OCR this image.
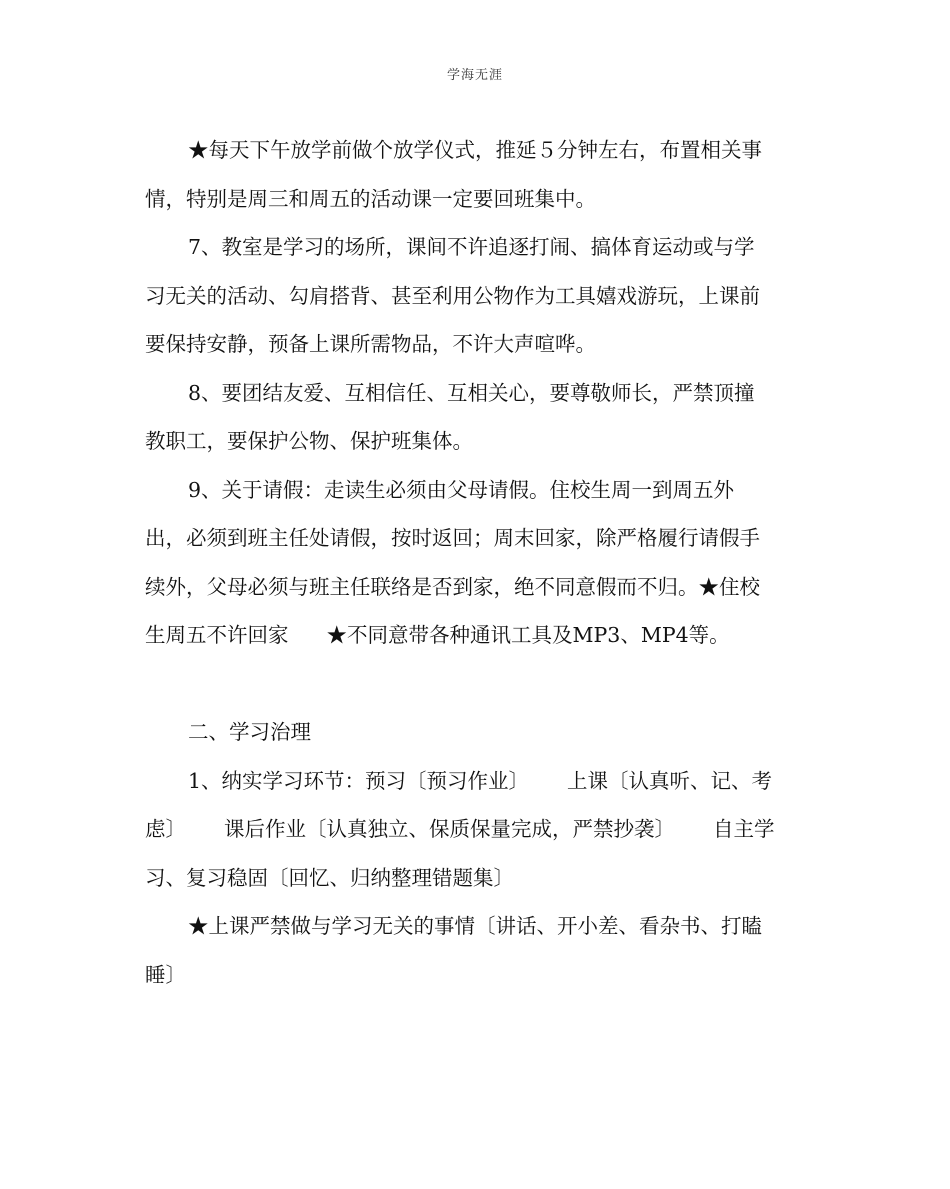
学海无涯
★每天下午放学前做个放学仪式，推延５分钟左右，布置相关事
情，特别是周三和周五的活动课一定要回班集中。
7、教室是学习的场所，课间不许追逐打闹、搞体育运动或与学
习无关的活动、勾肩搭背、甚至利用公物作为工具嬉戏游玩，上课前
要保持安静，预备上课所需物品，不许大声喧哗。
8、要团结友爱、互相信任、互相关心，要尊敬师长，严禁顶撞
教职工，要保护公物、保护班集体。
9、关于请假：走读生必须由父母请假。住校生周一到周五外
出，必须到班主任处请假，按时返回；周末回家，除严格履行请假手
续外，父母必须与班主任联络是否到家，绝不同意假而不归。★住校
生周五不许回家 ★不同意带各种通讯工具及MP3、MP4等。
二、学习治理
1、纳实学习环节：预习〔预习作业〕 上课〔认真听、记、考
虑〕 课后作业〔认真独立、保质保量完成，严禁抄袭〕 自主学
习、复习稳固〔回忆、归纳整理错题集〕
★上课严禁做与学习无关的事情〔讲话、开小差、看杂书、打瞌
睡〕
